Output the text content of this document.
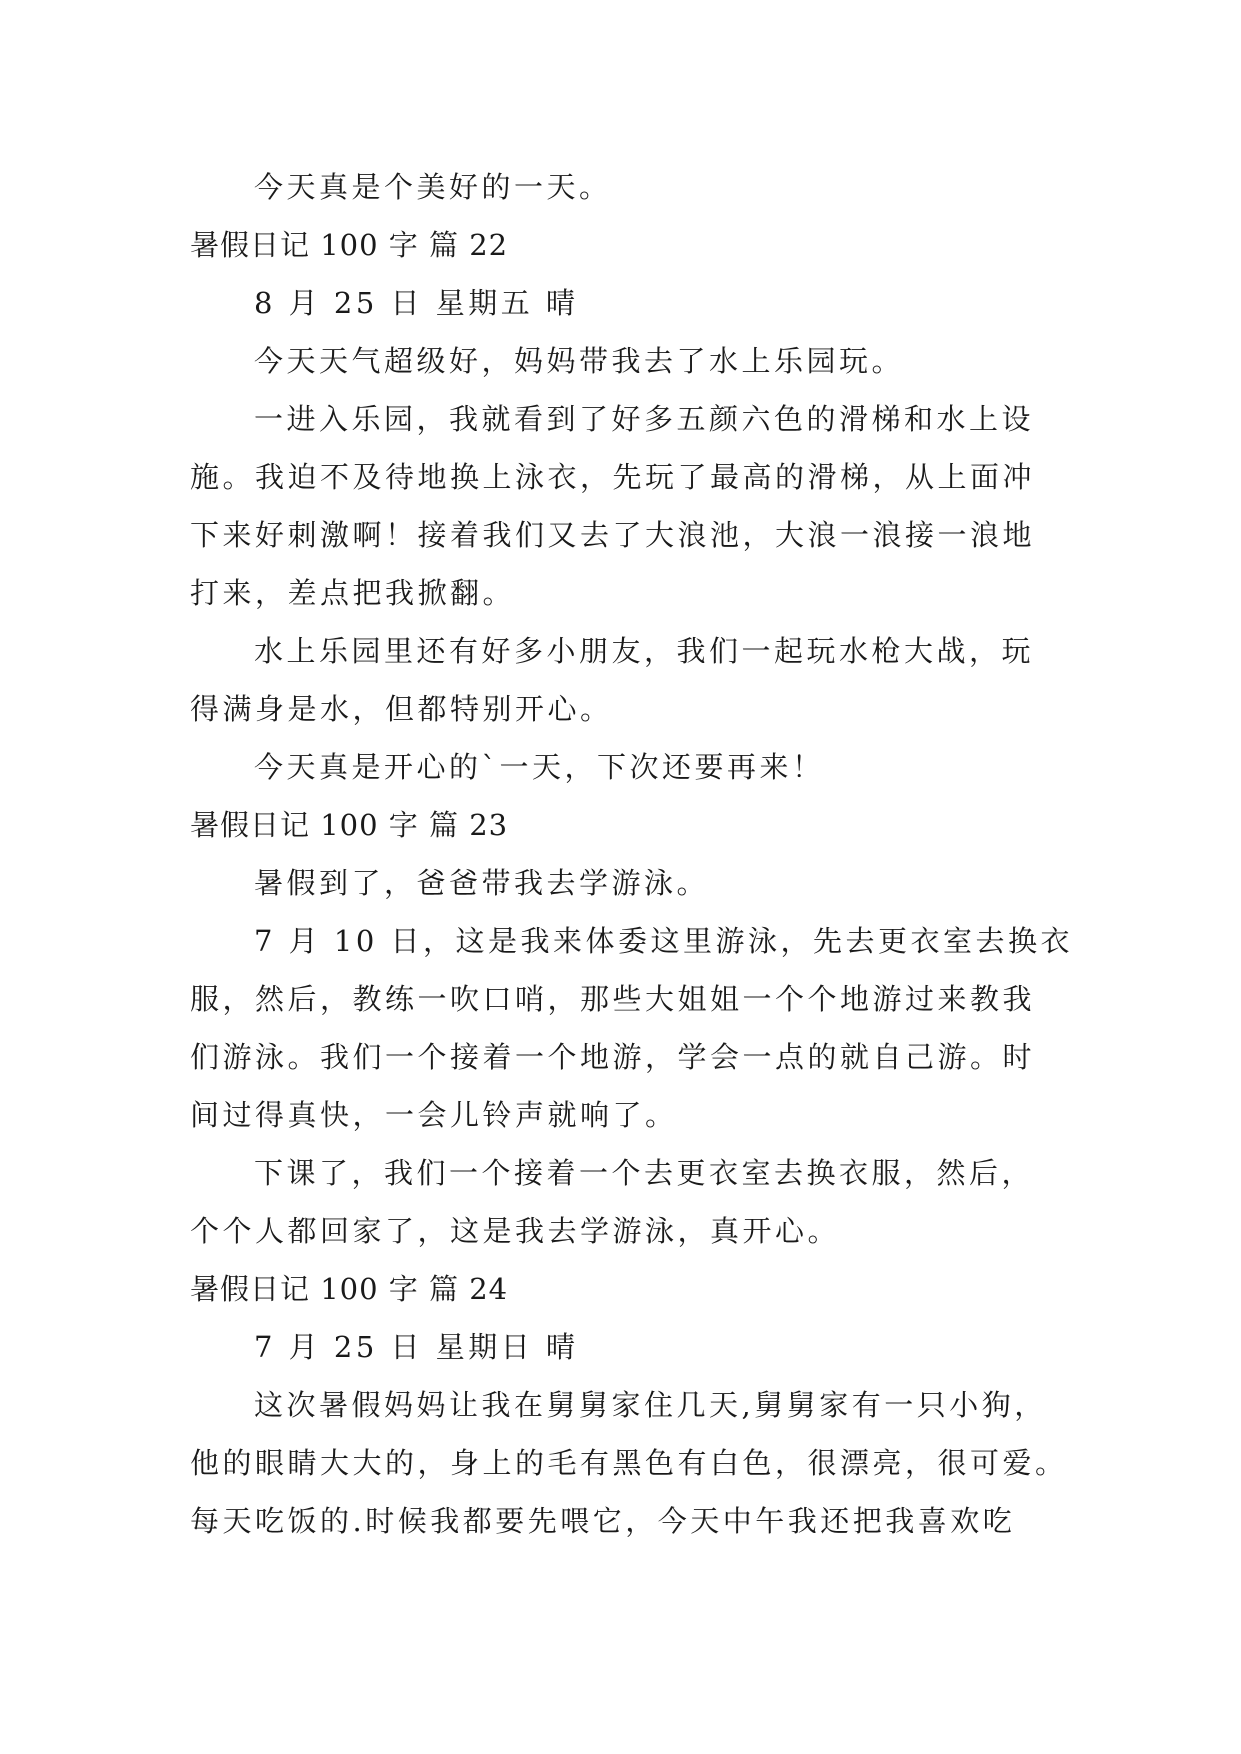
今天真是个美好的一天。
暑假日记 100 字 篇 22
8 月 25 日 星期五 晴
今天天气超级好，妈妈带我去了水上乐园玩。
一进入乐园，我就看到了好多五颜六色的滑梯和水上设
施。我迫不及待地换上泳衣，先玩了最高的滑梯，从上面冲
下来好刺激啊！接着我们又去了大浪池，大浪一浪接一浪地
打来，差点把我掀翻。
水上乐园里还有好多小朋友，我们一起玩水枪大战，玩
得满身是水，但都特别开心。
今天真是开心的`一天，下次还要再来！
暑假日记 100 字 篇 23
暑假到了，爸爸带我去学游泳。
7 月 10 日，这是我来体委这里游泳，先去更衣室去换衣
服，然后，教练一吹口哨，那些大姐姐一个个地游过来教我
们游泳。我们一个接着一个地游，学会一点的就自己游。时
间过得真快，一会儿铃声就响了。
下课了，我们一个接着一个去更衣室去换衣服，然后，
个个人都回家了，这是我去学游泳，真开心。
暑假日记 100 字 篇 24
7 月 25 日 星期日 晴
这次暑假妈妈让我在舅舅家住几天,舅舅家有一只小狗，
他的眼睛大大的，身上的毛有黑色有白色，很漂亮，很可爱。
每天吃饭的.时候我都要先喂它，今天中午我还把我喜欢吃
